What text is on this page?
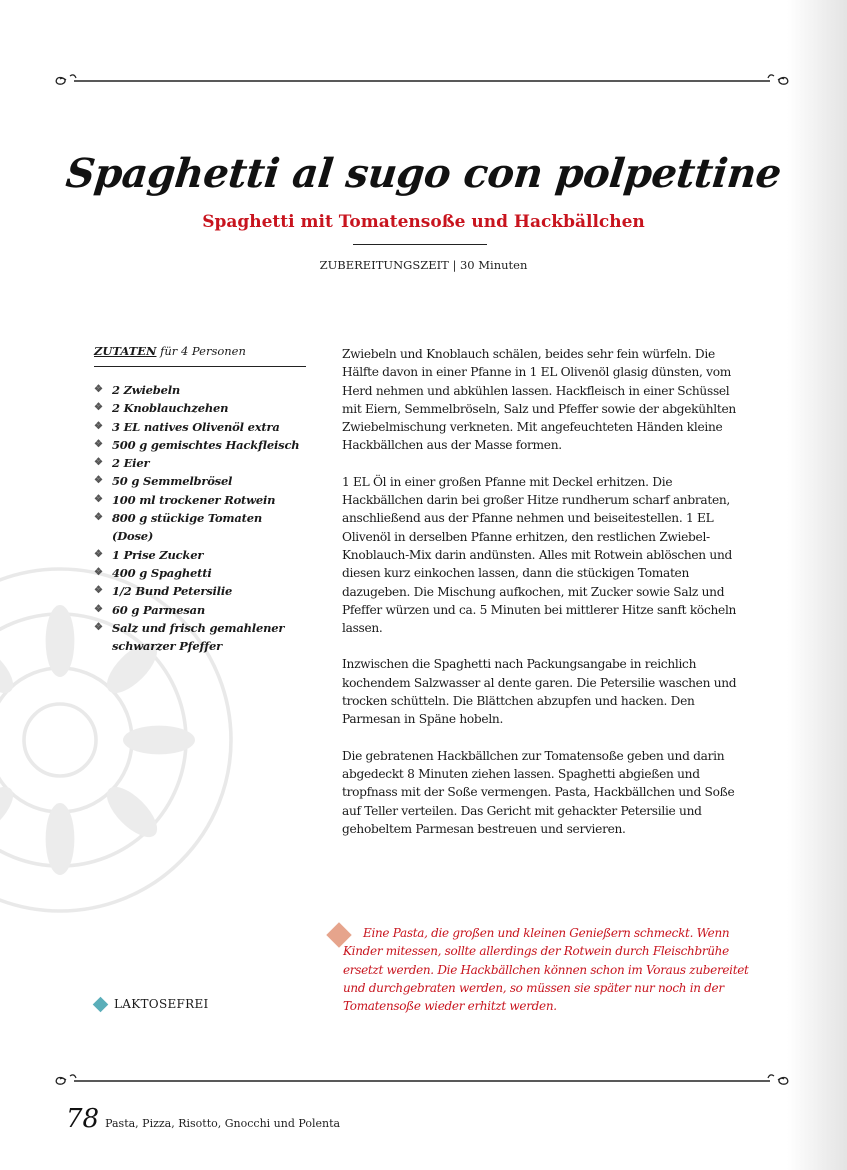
Spaghetti al sugo con polpettine
Spaghetti mit Tomatensoße und Hackbällchen
ZUBEREITUNGSZEIT | 30 Minuten
ZUTATEN für 4 Personen
❖ 2 Zwiebeln
❖ 2 Knoblauchzehen
❖ 3 EL natives Olivenöl extra
❖ 500 g gemischtes Hackfleisch
❖ 2 Eier
❖ 50 g Semmelbrösel
❖ 100 ml trockener Rotwein
❖ 800 g stückige Tomaten (Dose)
❖ 1 Prise Zucker
❖ 400 g Spaghetti
❖ 1/2 Bund Petersilie
❖ 60 g Parmesan
❖ Salz und frisch gemahlener schwarzer Pfeffer

Zwiebeln und Knoblauch schälen, beides sehr fein würfeln. Die Hälfte davon in einer Pfanne in 1 EL Olivenöl glasig dünsten, vom Herd nehmen und abkühlen lassen. Hackfleisch in einer Schüssel mit Eiern, Semmelbröseln, Salz und Pfeffer sowie der abgekühlten Zwiebelmischung verkneten. Mit angefeuchteten Händen kleine Hackbällchen aus der Masse formen.

1 EL Öl in einer großen Pfanne mit Deckel erhitzen. Die Hackbällchen darin bei großer Hitze rundherum scharf anbraten, anschließend aus der Pfanne nehmen und beiseitestellen. 1 EL Olivenöl in derselben Pfanne erhitzen, den restlichen Zwiebel-Knoblauch-Mix darin andünsten. Alles mit Rotwein ablöschen und diesen kurz einkochen lassen, dann die stückigen Tomaten dazugeben. Die Mischung aufkochen, mit Zucker sowie Salz und Pfeffer würzen und ca. 5 Minuten bei mittlerer Hitze sanft köcheln lassen.

Inzwischen die Spaghetti nach Packungsangabe in reichlich kochendem Salzwasser al dente garen. Die Petersilie waschen und trocken schütteln. Die Blättchen abzupfen und hacken. Den Parmesan in Späne hobeln.

Die gebratenen Hackbällchen zur Tomatensoße geben und darin abgedeckt 8 Minuten ziehen lassen. Spaghetti abgießen und tropfnass mit der Soße vermengen. Pasta, Hackbällchen und Soße auf Teller verteilen. Das Gericht mit gehackter Petersilie und gehobeltem Parmesan bestreuen und servieren.

Eine Pasta, die großen und kleinen Genießern schmeckt. Wenn Kinder mitessen, sollte allerdings der Rotwein durch Fleischbrühe ersetzt werden. Die Hackbällchen können schon im Voraus zubereitet und durchgebraten werden, so müssen sie später nur noch in der Tomatensoße wieder erhitzt werden.

LAKTOSEFREI
78 Pasta, Pizza, Risotto, Gnocchi und Polenta
